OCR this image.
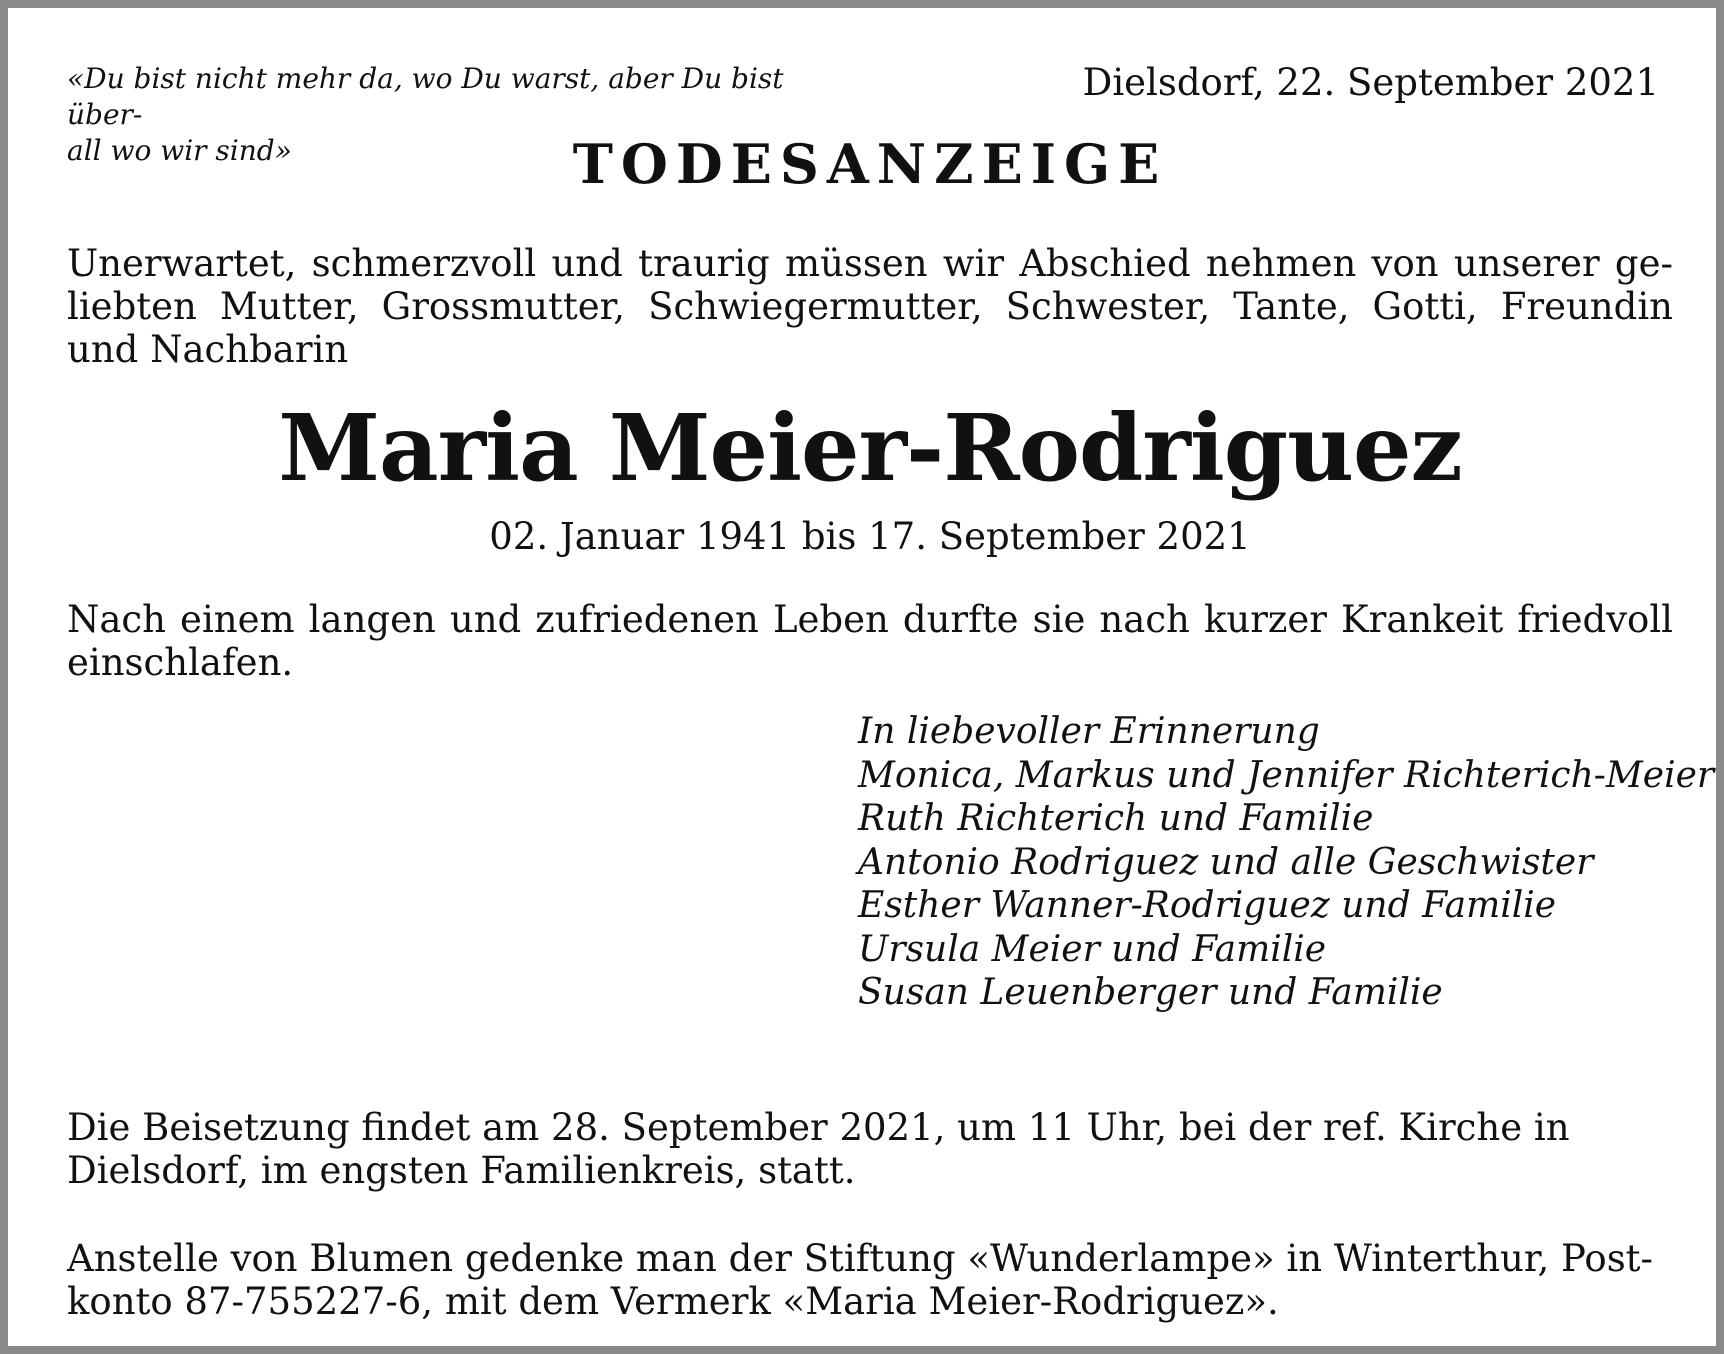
«Du bist nicht mehr da, wo Du warst, aber Du bist über-
all wo wir sind»

Dielsdorf, 22. September 2021

TODESANZEIGE

Unerwartet, schmerzvoll und traurig müssen wir Abschied nehmen von unserer geliebten Mutter, Grossmutter, Schwiegermutter, Schwester, Tante, Gotti, Freundin und Nachbarin

Maria Meier-Rodriguez

02. Januar 1941 bis 17. September 2021

Nach einem langen und zufriedenen Leben durfte sie nach kurzer Krankeit friedvoll einschlafen.

In liebevoller Erinnerung
Monica, Markus und Jennifer Richterich-Meier
Ruth Richterich und Familie
Antonio Rodriguez und alle Geschwister
Esther Wanner-Rodriguez und Familie
Ursula Meier und Familie
Susan Leuenberger und Familie

Die Beisetzung findet am 28. September 2021, um 11 Uhr, bei der ref. Kirche in
Dielsdorf, im engsten Familienkreis, statt.

Anstelle von Blumen gedenke man der Stiftung «Wunderlampe» in Winterthur, Post-
konto 87-755227-6, mit dem Vermerk «Maria Meier-Rodriguez».
